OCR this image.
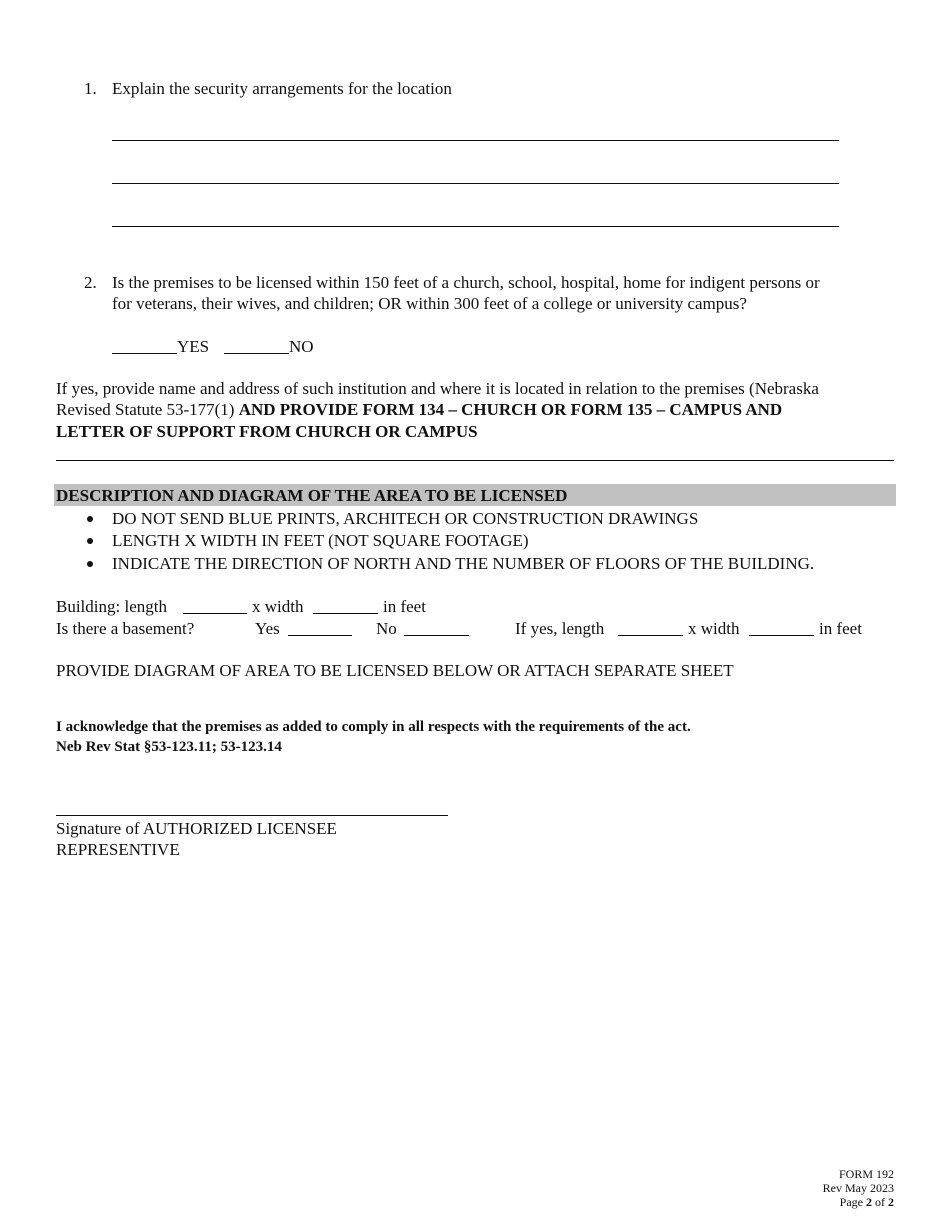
1. Explain the security arrangements for the location
2. Is the premises to be licensed within 150 feet of a church, school, hospital, home for indigent persons or
for veterans, their wives, and children; OR within 300 feet of a college or university campus?
YES	NO
If yes, provide name and address of such institution and where it is located in relation to the premises (Nebraska
Revised Statute 53-177(1) AND PROVIDE FORM 134 – CHURCH OR FORM 135 – CAMPUS AND
LETTER OF SUPPORT FROM CHURCH OR CAMPUS
DESCRIPTION AND DIAGRAM OF THE AREA TO BE LICENSED
DO NOT SEND BLUE PRINTS, ARCHITECH OR CONSTRUCTION DRAWINGS
LENGTH X WIDTH IN FEET (NOT SQUARE FOOTAGE)
INDICATE THE DIRECTION OF NORTH AND THE NUMBER OF FLOORS OF THE BUILDING.
Building: length	x width	in feet
Is there a basement?	Yes	No	If yes, length	x width	in feet
PROVIDE DIAGRAM OF AREA TO BE LICENSED BELOW OR ATTACH SEPARATE SHEET
I acknowledge that the premises as added to comply in all respects with the requirements of the act.
Neb Rev Stat §53-123.11; 53-123.14
Signature of AUTHORIZED LICENSEE
REPRESENTIVE
FORM 192
Rev May 2023
Page 2 of 2
